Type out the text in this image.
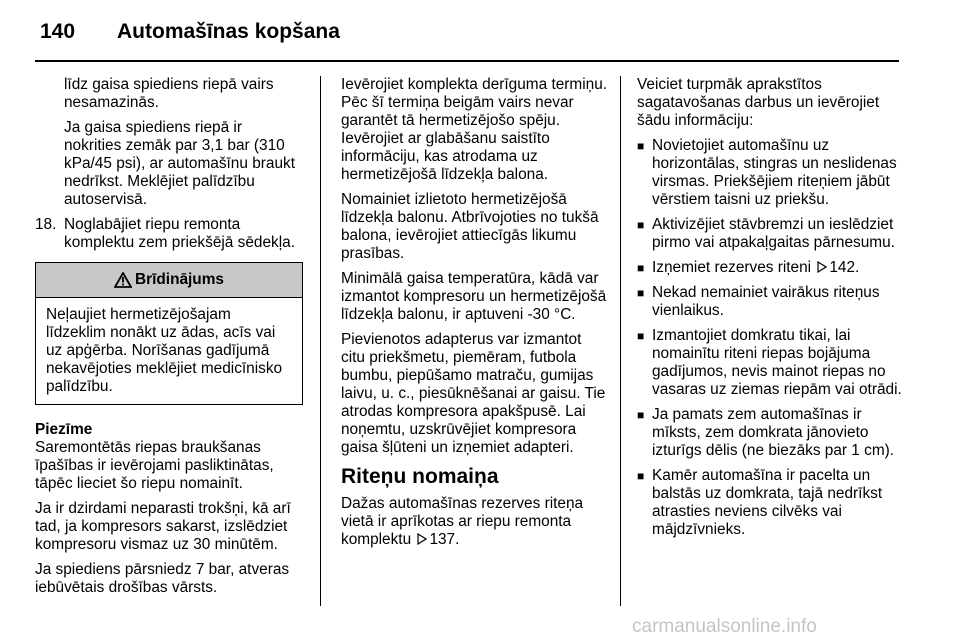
140 Automašīnas kopšana

līdz gaisa spiediens riepā vairs nesamazinās.

Ja gaisa spiediens riepā ir nokrities zemāk par 3,1 bar (310 kPa/45 psi), ar automašīnu braukt nedrīkst. Meklējiet palīdzību autoservisā.

18. Noglabājiet riepu remonta komplektu zem priekšējā sēdekļa.
Brīdinājums
Neļaujiet hermetizējošajam līdzeklim nonākt uz ādas, acīs vai uz apģērba. Norīšanas gadījumā nekavējoties meklējiet medicīnisko palīdzību.

Piezīme

Saremontētās riepas braukšanas īpašības ir ievērojami pasliktinātas, tāpēc lieciet šo riepu nomainīt.

Ja ir dzirdami neparasti trokšņi, kā arī tad, ja kompresors sakarst, izslēdziet kompresoru vismaz uz 30 minūtēm.

Ja spiediens pārsniedz 7 bar, atveras iebūvētais drošības vārsts.

Ievērojiet komplekta derīguma termiņu. Pēc šī termiņa beigām vairs nevar garantēt tā hermetizējošo spēju. Ievērojiet ar glabāšanu saistīto informāciju, kas atrodama uz hermetizējošā līdzekļa balona.

Nomainiet izlietoto hermetizējošā līdzekļa balonu. Atbrīvojoties no tukšā balona, ievērojiet attiecīgās likumu prasības.

Minimālā gaisa temperatūra, kādā var izmantot kompresoru un hermetizējošā līdzekļa balonu, ir aptuveni -30 °C.

Pievienotos adapterus var izmantot citu priekšmetu, piemēram, futbola bumbu, piepūšamo matraču, gumijas laivu, u. c., piesūknēšanai ar gaisu. Tie atrodas kompresora apakšpusē. Lai noņemtu, uzskrūvējiet kompresora gaisa šļūteni un izņemiet adapteri.

Riteņu nomaiņa

Dažas automašīnas rezerves riteņa vietā ir aprīkotas ar riepu remonta komplektu 137.

Veiciet turpmāk aprakstītos sagatavošanas darbus un ievērojiet šādu informāciju:

■ Novietojiet automašīnu uz horizontālas, stingras un neslidenas virsmas. Priekšējiem riteņiem jābūt vērstiem taisni uz priekšu.
■ Aktivizējiet stāvbremzi un ieslēdziet pirmo vai atpakaļgaitas pārnesumu.
■ Izņemiet rezerves riteni 142.
■ Nekad nemainiet vairākus riteņus vienlaikus.
■ Izmantojiet domkratu tikai, lai nomainītu riteni riepas bojājuma gadījumos, nevis mainot riepas no vasaras uz ziemas riepām vai otrādi.
■ Ja pamats zem automašīnas ir mīksts, zem domkrata jānovieto izturīgs dēlis (ne biezāks par 1 cm).
■ Kamēr automašīna ir pacelta un balstās uz domkrata, tajā nedrīkst atrasties neviens cilvēks vai mājdzīvnieks.
carmanualsonline.info
